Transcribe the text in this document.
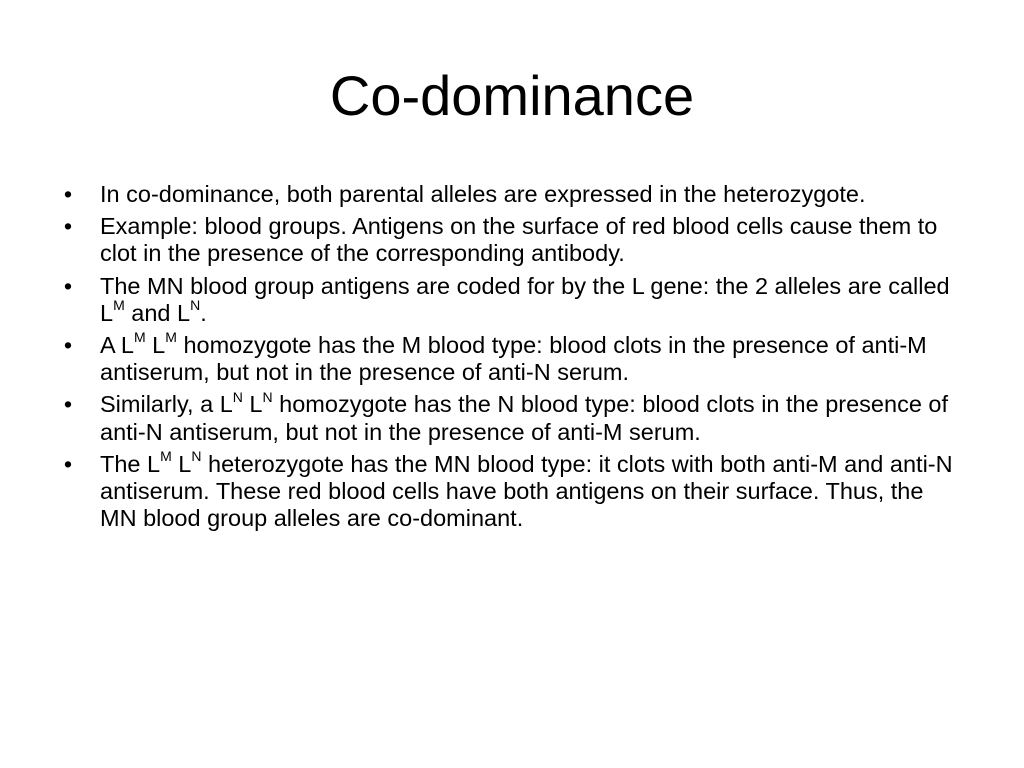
Co-dominance
• In co-dominance, both parental alleles are expressed in the heterozygote.
• Example: blood groups. Antigens on the surface of red blood cells cause them to clot in the presence of the corresponding antibody.
• The MN blood group antigens are coded for by the L gene: the 2 alleles are called $L^M$ and $L^N$.
• A $L^M$ $L^M$ homozygote has the M blood type: blood clots in the presence of anti-M antiserum, but not in the presence of anti-N serum.
• Similarly, a $L^N$ $L^N$ homozygote has the N blood type: blood clots in the presence of anti-N antiserum, but not in the presence of anti-M serum.
• The $L^M$ $L^N$ heterozygote has the MN blood type: it clots with both anti-M and anti-N antiserum. These red blood cells have both antigens on their surface. Thus, the MN blood group alleles are co-dominant.
